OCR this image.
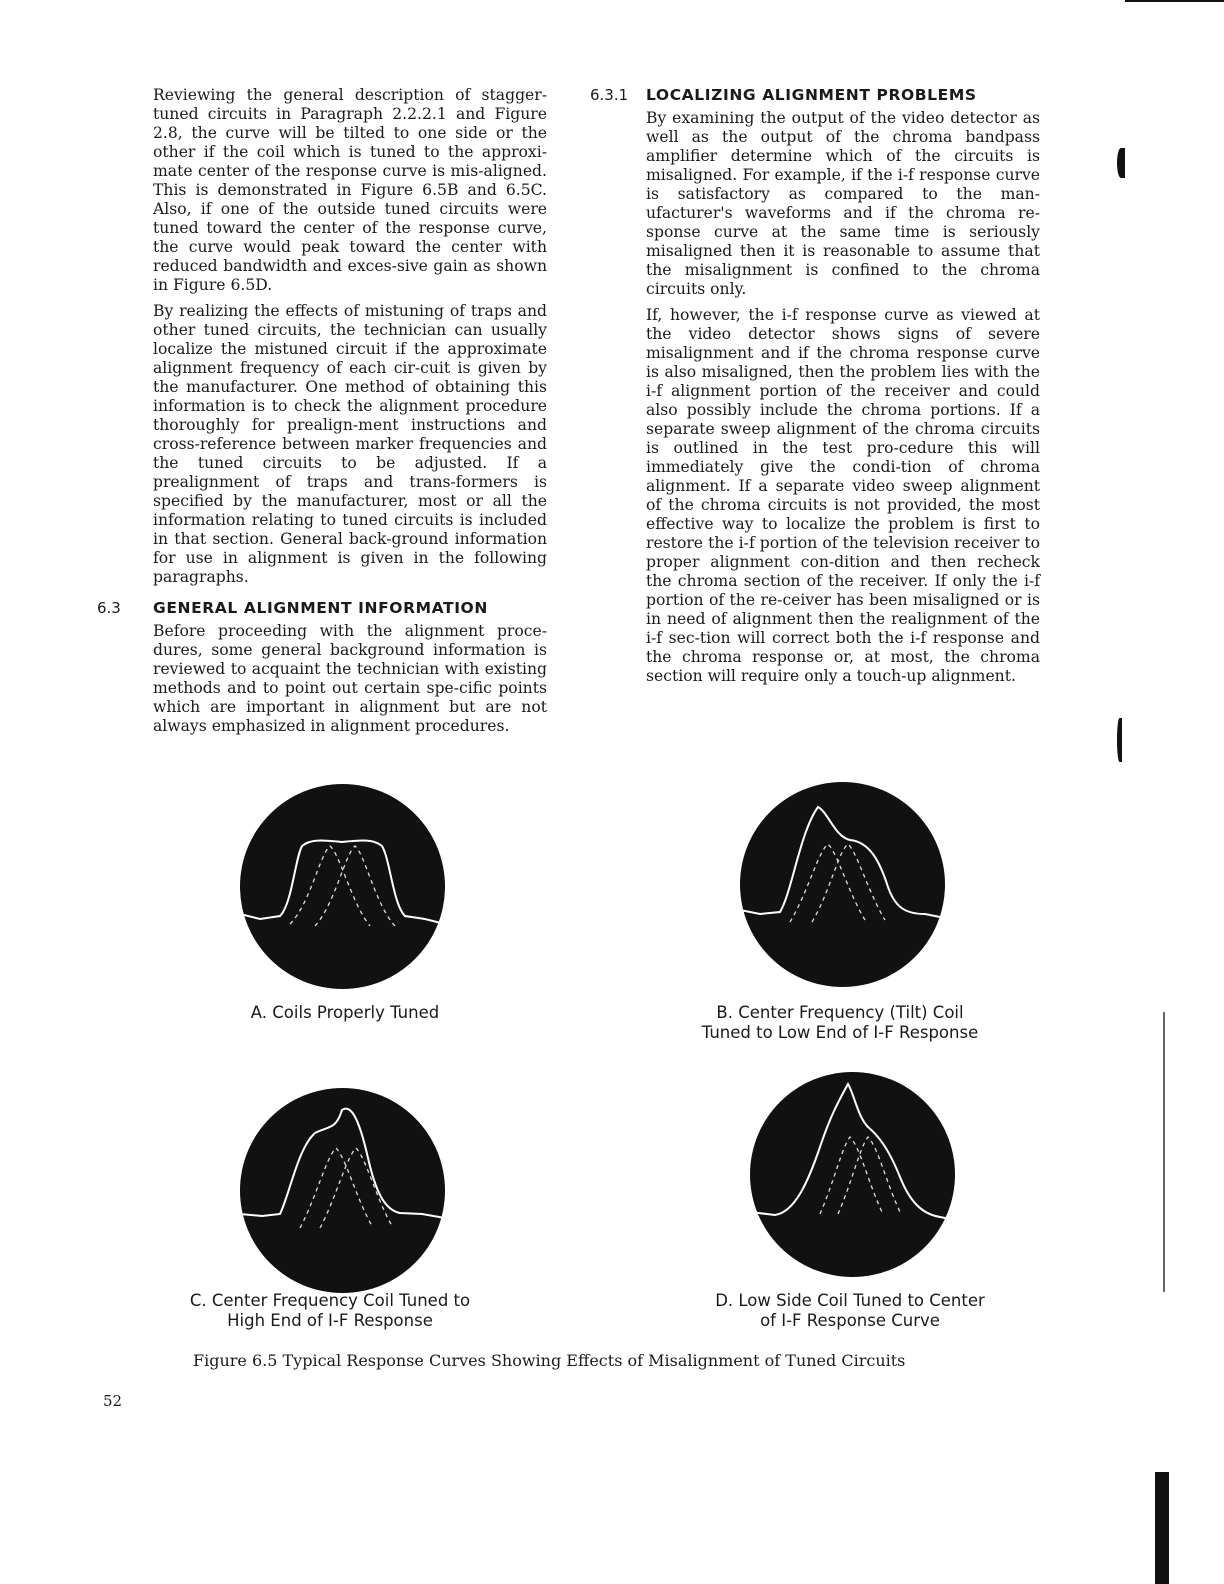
Reviewing the general description of stagger-tuned circuits in Paragraph 2.2.2.1 and Figure 2.8, the curve will be tilted to one side or the other if the coil which is tuned to the approxi-mate center of the response curve is mis-aligned. This is demonstrated in Figure 6.5B and 6.5C. Also, if one of the outside tuned circuits were tuned toward the center of the response curve, the curve would peak toward the center with reduced bandwidth and exces-sive gain as shown in Figure 6.5D.

By realizing the effects of mistuning of traps and other tuned circuits, the technician can usually localize the mistuned circuit if the approximate alignment frequency of each cir-cuit is given by the manufacturer. One method of obtaining this information is to check the alignment procedure thoroughly for prealign-ment instructions and cross-reference between marker frequencies and the tuned circuits to be adjusted. If a prealignment of traps and trans-formers is specified by the manufacturer, most or all the information relating to tuned circuits is included in that section. General back-ground information for use in alignment is given in the following paragraphs.

6.3 GENERAL ALIGNMENT INFORMATION

Before proceeding with the alignment proce-dures, some general background information is reviewed to acquaint the technician with existing methods and to point out certain spe-cific points which are important in alignment but are not always emphasized in alignment procedures.

6.3.1 LOCALIZING ALIGNMENT PROBLEMS

By examining the output of the video detector as well as the output of the chroma bandpass amplifier determine which of the circuits is misaligned. For example, if the i-f response curve is satisfactory as compared to the man-ufacturer's waveforms and if the chroma re-sponse curve at the same time is seriously misaligned then it is reasonable to assume that the misalignment is confined to the chroma circuits only.

If, however, the i-f response curve as viewed at the video detector shows signs of severe misalignment and if the chroma response curve is also misaligned, then the problem lies with the i-f alignment portion of the receiver and could also possibly include the chroma portions. If a separate sweep alignment of the chroma circuits is outlined in the test pro-cedure this will immediately give the condi-tion of chroma alignment. If a separate video sweep alignment of the chroma circuits is not provided, the most effective way to localize the problem is first to restore the i-f portion of the television receiver to proper alignment con-dition and then recheck the chroma section of the receiver. If only the i-f portion of the re-ceiver has been misaligned or is in need of alignment then the realignment of the i-f sec-tion will correct both the i-f response and the chroma response or, at most, the chroma section will require only a touch-up alignment.

A. Coils Properly Tuned	B. Center Frequency (Tilt) Coil
Tuned to Low End of I-F Response
C. Center Frequency Coil Tuned to
High End of I-F Response
D. Low Side Coil Tuned to Center
of I-F Response Curve
Figure 6.5 Typical Response Curves Showing Effects of Misalignment of Tuned Circuits
52
